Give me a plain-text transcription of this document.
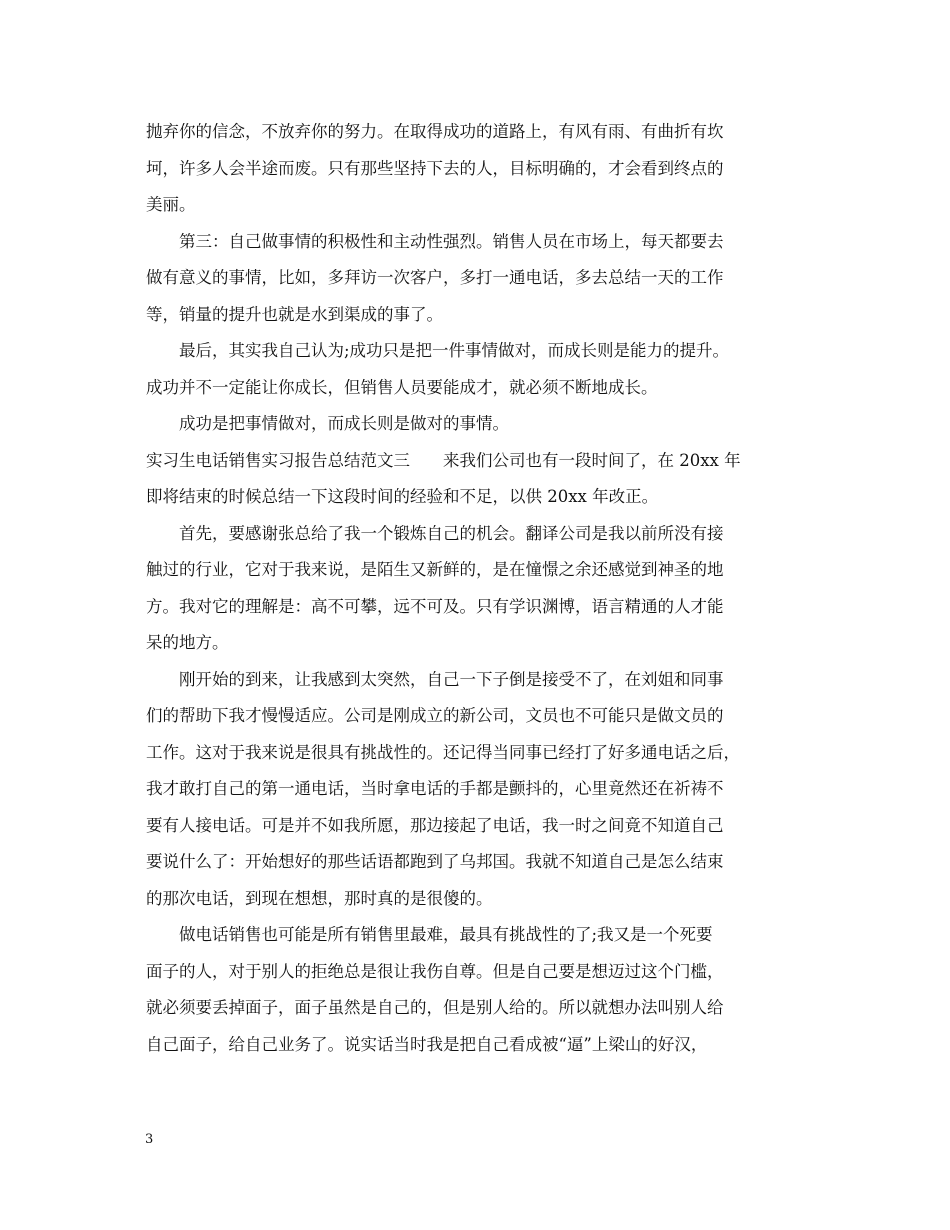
抛弃你的信念，不放弃你的努力。在取得成功的道路上，有风有雨、有曲折有坎
坷，许多人会半途而废。只有那些坚持下去的人，目标明确的，才会看到终点的
美丽。
　　第三：自己做事情的积极性和主动性强烈。销售人员在市场上，每天都要去
做有意义的事情，比如，多拜访一次客户，多打一通电话，多去总结一天的工作
等，销量的提升也就是水到渠成的事了。
　　最后，其实我自己认为;成功只是把一件事情做对，而成长则是能力的提升。
成功并不一定能让你成长，但销售人员要能成才，就必须不断地成长。
　　成功是把事情做对，而成长则是做对的事情。
实习生电话销售实习报告总结范文三　　来我们公司也有一段时间了，在 20xx 年
即将结束的时候总结一下这段时间的经验和不足，以供 20xx 年改正。
　　首先，要感谢张总给了我一个锻炼自己的机会。翻译公司是我以前所没有接
触过的行业，它对于我来说，是陌生又新鲜的，是在憧憬之余还感觉到神圣的地
方。我对它的理解是：高不可攀，远不可及。只有学识渊博，语言精通的人才能
呆的地方。
　　刚开始的到来，让我感到太突然，自己一下子倒是接受不了，在刘姐和同事
们的帮助下我才慢慢适应。公司是刚成立的新公司，文员也不可能只是做文员的
工作。这对于我来说是很具有挑战性的。还记得当同事已经打了好多通电话之后，
我才敢打自己的第一通电话，当时拿电话的手都是颤抖的，心里竟然还在祈祷不
要有人接电话。可是并不如我所愿，那边接起了电话，我一时之间竟不知道自己
要说什么了：开始想好的那些话语都跑到了乌邦国。我就不知道自己是怎么结束
的那次电话，到现在想想，那时真的是很傻的。
　　做电话销售也可能是所有销售里最难，最具有挑战性的了;我又是一个死要
面子的人，对于别人的拒绝总是很让我伤自尊。但是自己要是想迈过这个门槛，
就必须要丢掉面子，面子虽然是自己的，但是别人给的。所以就想办法叫别人给
自己面子，给自己业务了。说实话当时我是把自己看成被“逼”上梁山的好汉，
3
